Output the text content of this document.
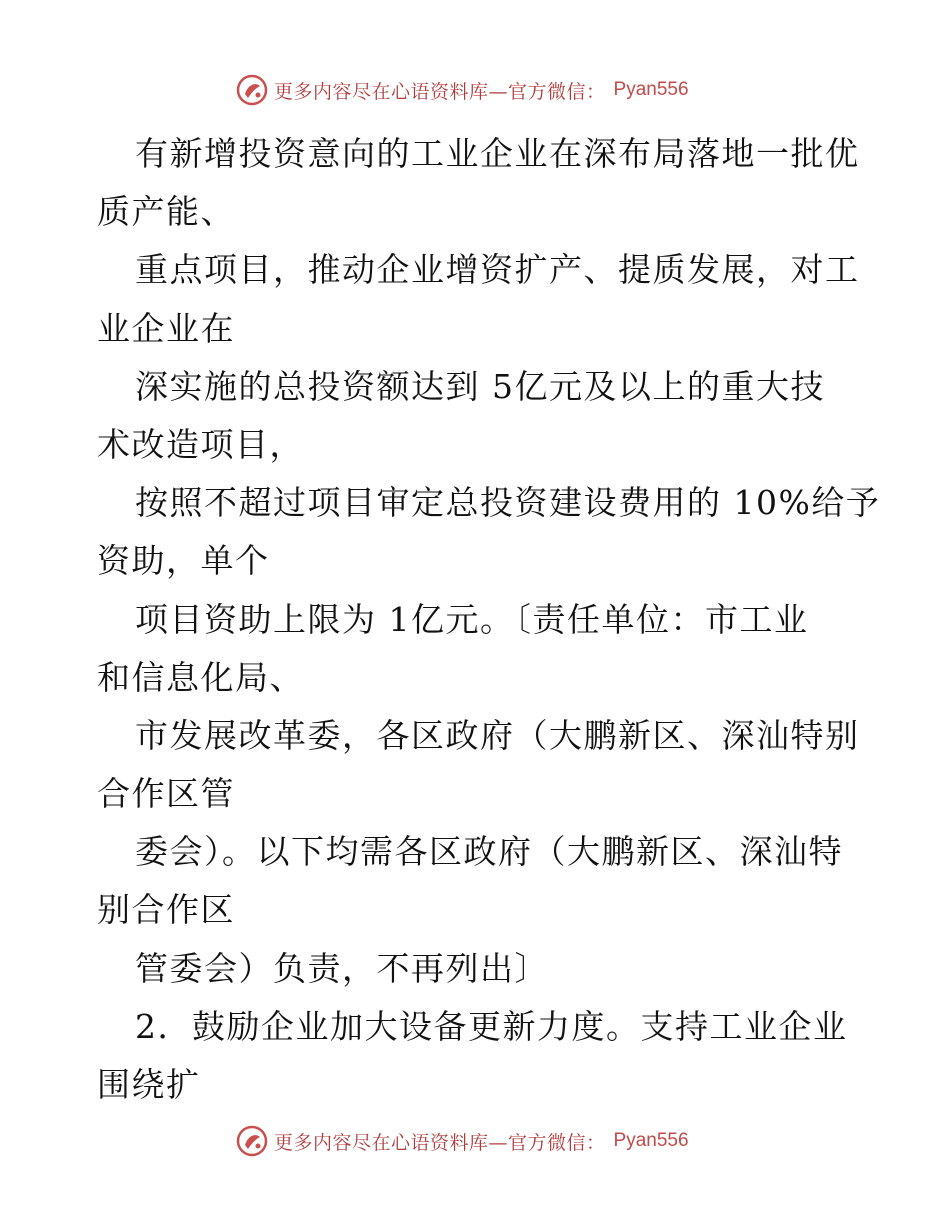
更多内容尽在心语资料库—官方微信： Pyan556
有新增投资意向的工业企业在深布局落地一批优
质产能、
重点项目，推动企业增资扩产、提质发展，对工
业企业在
深实施的总投资额达到 5亿元及以上的重大技
术改造项目，
按照不超过项目审定总投资建设费用的 10%给予
资助，单个
项目资助上限为 1亿元。〔责任单位：市工业
和信息化局、
市发展改革委，各区政府（大鹏新区、深汕特别
合作区管
委会）。以下均需各区政府（大鹏新区、深汕特
别合作区
管委会）负责，不再列出〕
2．鼓励企业加大设备更新力度。支持工业企业
围绕扩
更多内容尽在心语资料库—官方微信： Pyan556
